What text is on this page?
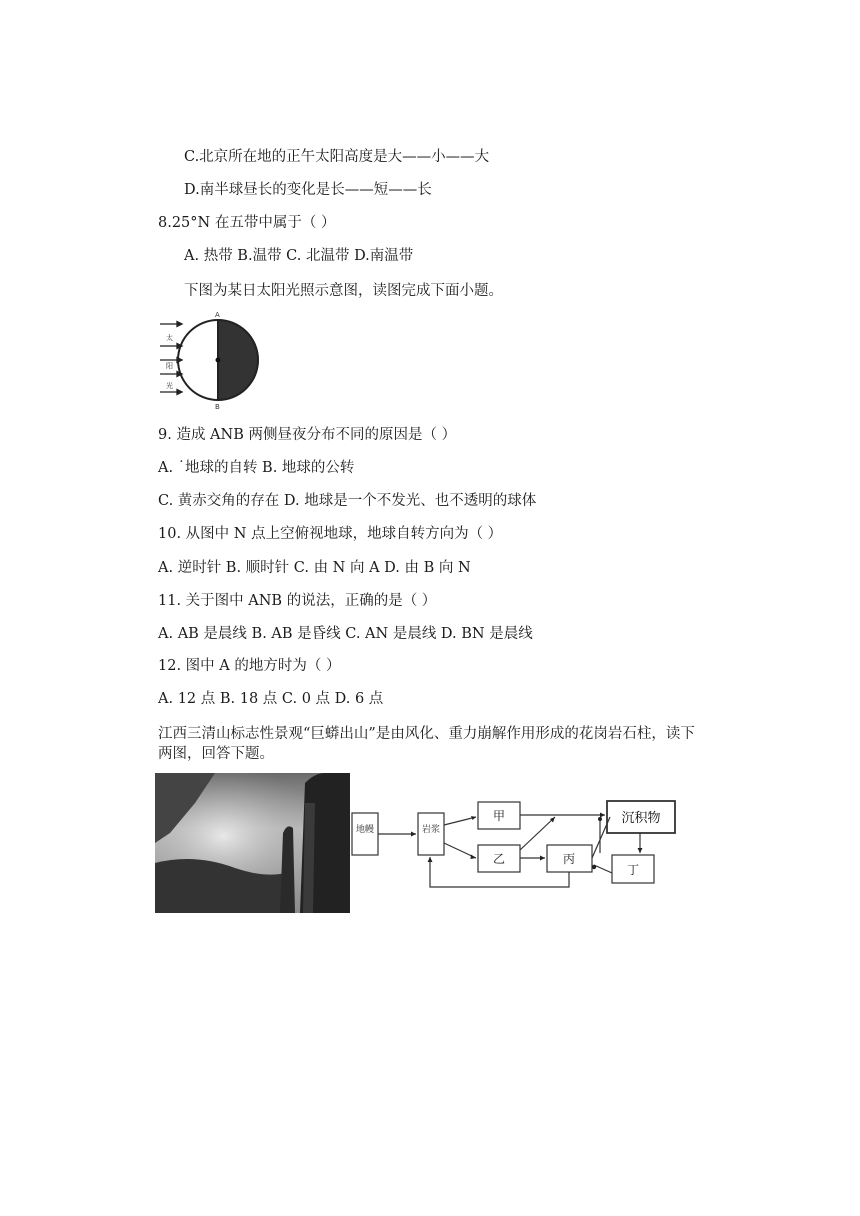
C.北京所在地的正午太阳高度是大——小——大
D.南半球昼长的变化是长——短——长
8.25°N 在五带中属于（ ）
A. 热带 B.温带 C. 北温带 D.南温带
下图为某日太阳光照示意图，读图完成下面小题。
太
阳
光
A
B
9. 造成 ANB 两侧昼夜分布不同的原因是（ ）
A. ˙地球的自转 B. 地球的公转
C. 黄赤交角的存在 D. 地球是一个不发光、也不透明的球体
10. 从图中 N 点上空俯视地球，地球自转方向为（ ）
A. 逆时针 B. 顺时针 C. 由 N 向 A D. 由 B 向 N
11. 关于图中 ANB 的说法，正确的是（ ）
A. AB 是晨线 B. AB 是昏线 C. AN 是晨线 D. BN 是晨线
12. 图中 A 的地方时为（ ）
A. 12 点 B. 18 点 C. 0 点 D. 6 点
江西三清山标志性景观“巨蟒出山”是由风化、重力崩解作用形成的花岗岩石柱，读下
两图，回答下题。
地幔	岩浆
甲
乙	丙
丁
沉积物
